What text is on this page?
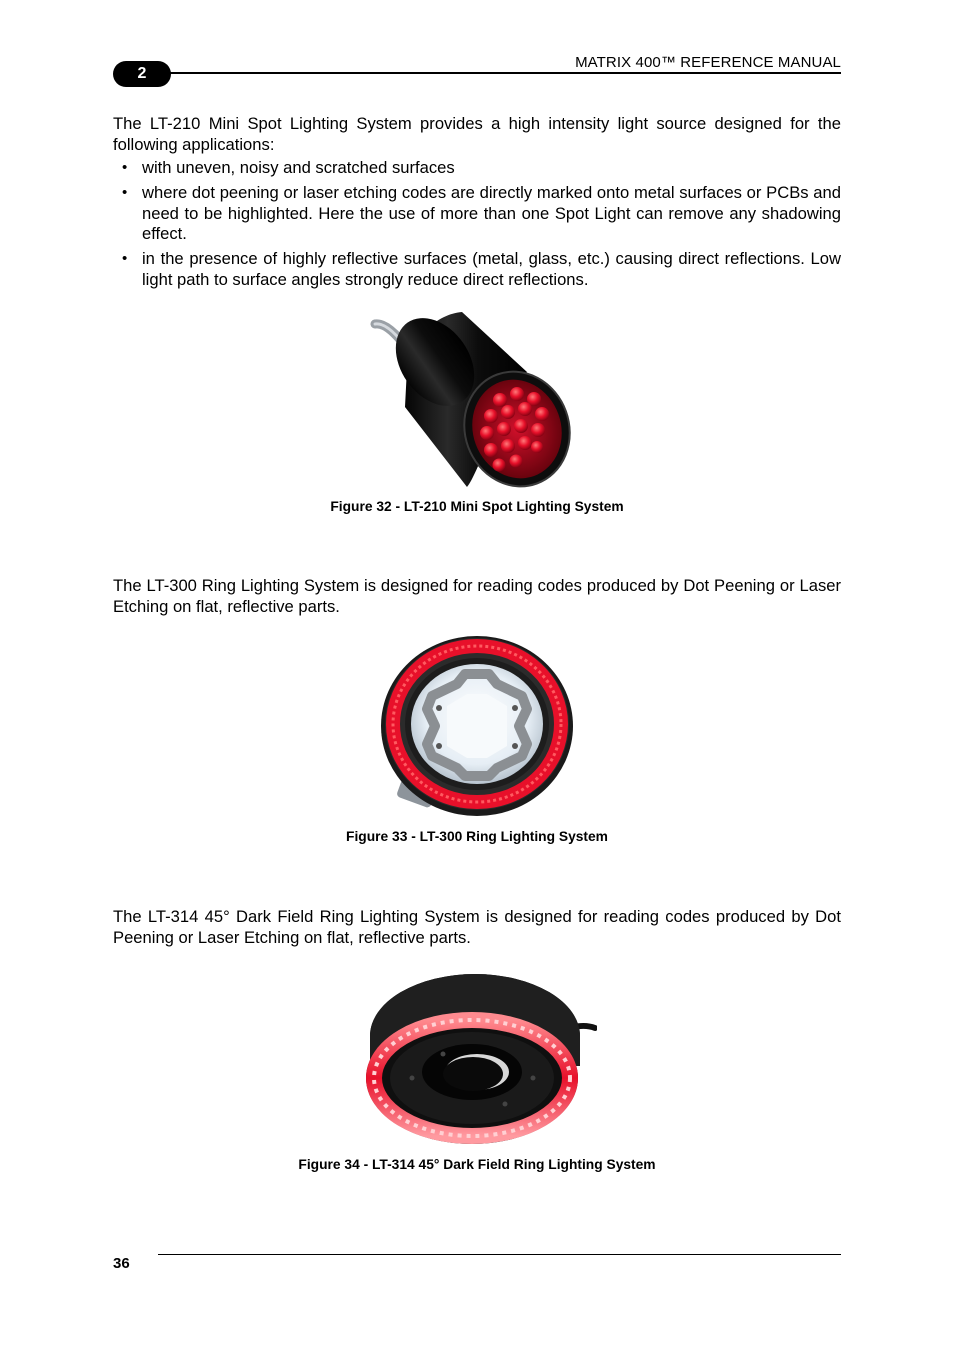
2
MATRIX 400™ REFERENCE MANUAL

The LT-210 Mini Spot Lighting System provides a high intensity light source designed for the following applications:

• with uneven, noisy and scratched surfaces
• where dot peening or laser etching codes are directly marked onto metal surfaces or PCBs and need to be highlighted. Here the use of more than one Spot Light can remove any shadowing effect.
• in the presence of highly reflective surfaces (metal, glass, etc.) causing direct reflections. Low light path to surface angles strongly reduce direct reflections.
Figure 32 - LT-210 Mini Spot Lighting System

The LT-300 Ring Lighting System is designed for reading codes produced by Dot Peening or Laser Etching on flat, reflective parts.

Figure 33 - LT-300 Ring Lighting System

The LT-314 45° Dark Field Ring Lighting System is designed for reading codes produced by Dot Peening or Laser Etching on flat, reflective parts.

Figure 34 - LT-314 45° Dark Field Ring Lighting System
36
